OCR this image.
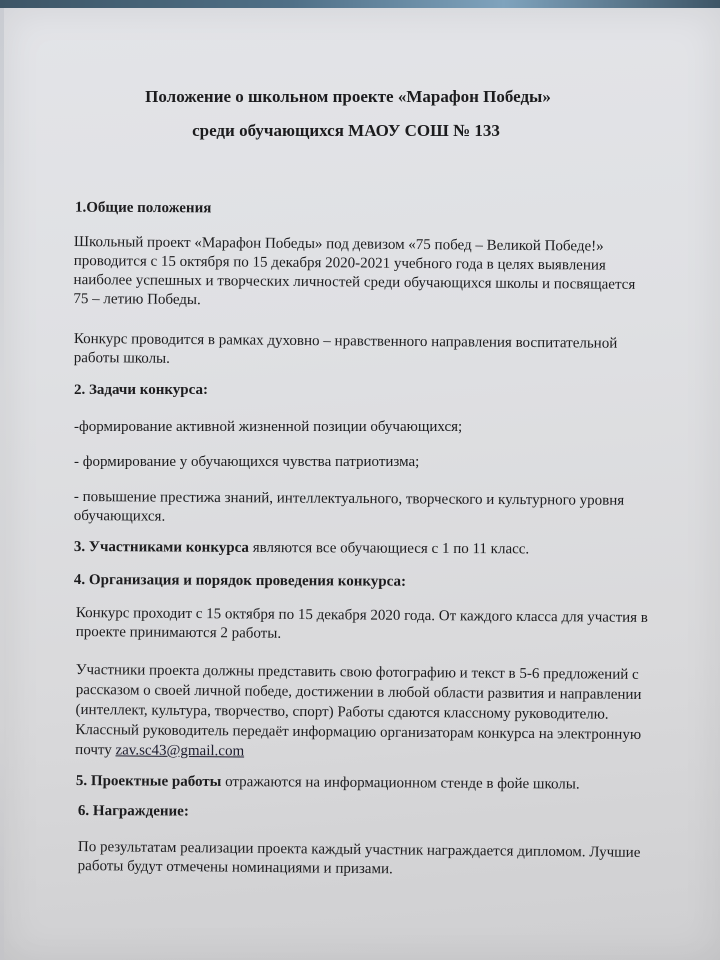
Положение о школьном проекте «Марафон Победы»
среди обучающихся МАОУ СОШ № 133
1.Общие положения
Школьный проект «Марафон Победы» под девизом «75 побед – Великой Победе!»
проводится с 15 октября по 15 декабря 2020-2021 учебного года в целях выявления
наиболее успешных и творческих личностей среди обучающихся школы и посвящается
75 – летию Победы.
Конкурс проводится в рамках духовно – нравственного направления воспитательной
работы школы.
2. Задачи конкурса:
-формирование активной жизненной позиции обучающихся;
- формирование у обучающихся чувства патриотизма;
- повышение престижа знаний, интеллектуального, творческого и культурного уровня
обучающихся.
3. Участниками конкурса являются все обучающиеся с 1 по 11 класс.
4. Организация и порядок проведения конкурса:
Конкурс проходит с 15 октября по 15 декабря 2020 года. От каждого класса для участия в
проекте принимаются 2 работы.
Участники проекта должны представить свою фотографию и текст в 5-6 предложений с
рассказом о своей личной победе, достижении в любой области развития и направлении
(интеллект, культура, творчество, спорт) Работы сдаются классному руководителю.
Классный руководитель передаёт информацию организаторам конкурса на электронную
почту zav.sc43@gmail.com
5. Проектные работы отражаются на информационном стенде в фойе школы.
6. Награждение:
По результатам реализации проекта каждый участник награждается дипломом. Лучшие
работы будут отмечены номинациями и призами.
